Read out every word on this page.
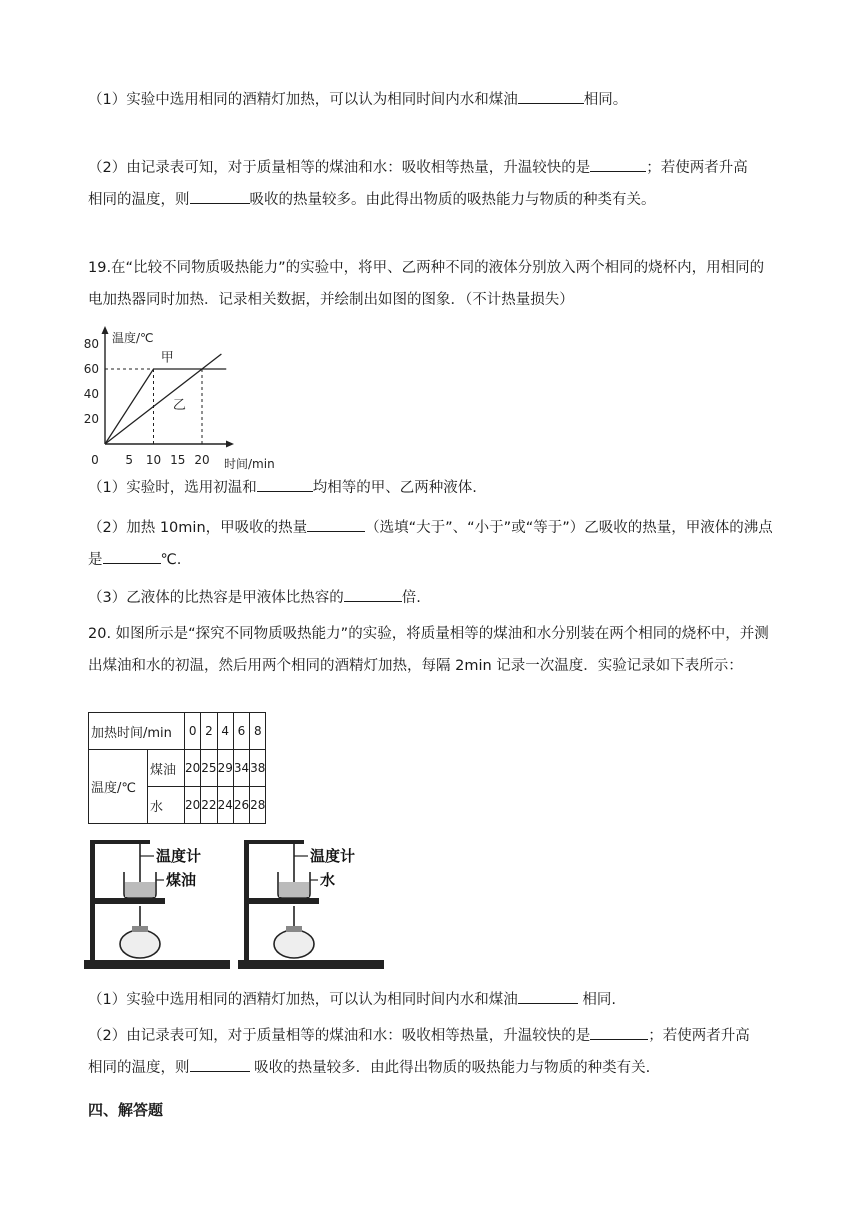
（1）实验中选用相同的酒精灯加热，可以认为相同时间内水和煤油	相同。
（2）由记录表可知，对于质量相等的煤油和水：吸收相等热量，升温较快的是	；若使两者升高
相同的温度，则	吸收的热量较多。由此得出物质的吸热能力与物质的种类有关。
19.在“比较不同物质吸热能力”的实验中，将甲、乙两种不同的液体分别放入两个相同的烧杯内，用相同的
电加热器同时加热．记录相关数据，并绘制出如图的图象．（不计热量损失）
温度/℃
时间/min
20
40
60
80
0 5 10 15 20
甲
乙
（1）实验时，选用初温和	均相等的甲、乙两种液体.
（2）加热 10min，甲吸收的热量	（选填“大于”、“小于”或“等于”）乙吸收的热量，甲液体的沸点
是	℃.
（3）乙液体的比热容是甲液体比热容的	倍.
20. 如图所示是“探究不同物质吸热能力”的实验，将质量相等的煤油和水分别装在两个相同的烧杯中，并测
出煤油和水的初温，然后用两个相同的酒精灯加热，每隔 2min 记录一次温度．实验记录如下表所示：
加热时间/min		0	2	4	6	8
温度/℃	煤油	20	25	29	34	38
	水	20	22	24	26	28
温度计
煤油
温度计
水
（1）实验中选用相同的酒精灯加热，可以认为相同时间内水和煤油	相同.
（2）由记录表可知，对于质量相等的煤油和水：吸收相等热量，升温较快的是	；若使两者升高
相同的温度，则	吸收的热量较多．由此得出物质的吸热能力与物质的种类有关.
四、解答题
